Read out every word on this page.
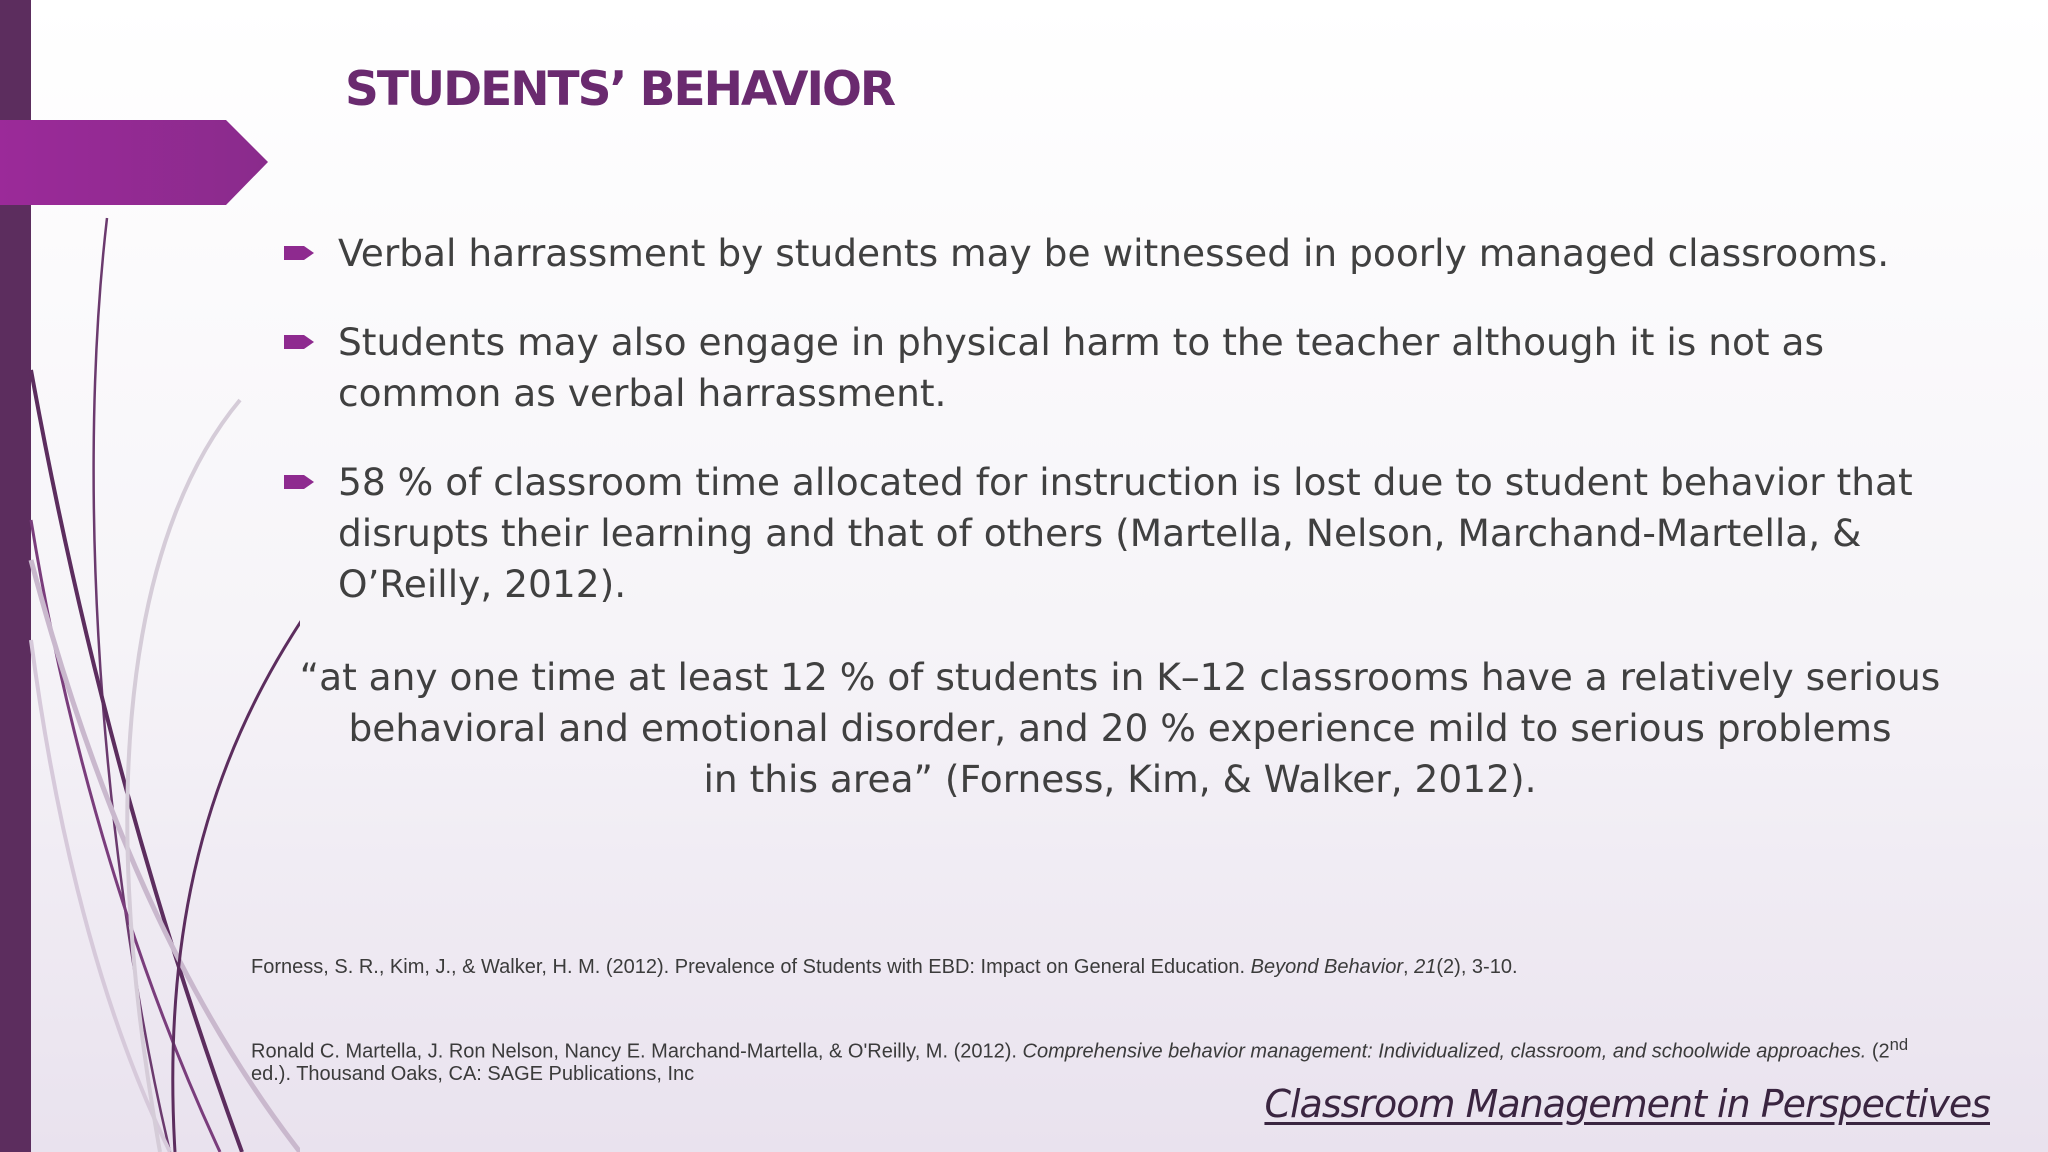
STUDENTS’ BEHAVIOR
Verbal harrassment by students may be witnessed in poorly managed classrooms.
Students may also engage in physical harm to the teacher although it is not as common as verbal harrassment.
58 % of classroom time allocated for instruction is lost due to student behavior that disrupts their learning and that of others (Martella, Nelson, Marchand-Martella, & O’Reilly, 2012).

“at any one time at least 12 % of students in K–12 classrooms have a relatively serious
behavioral and emotional disorder, and 20 % experience mild to serious problems
in this area” (Forness, Kim, & Walker, 2012).

Forness, S. R., Kim, J., & Walker, H. M. (2012). Prevalence of Students with EBD: Impact on General Education. Beyond Behavior, 21(2), 3-10.

Ronald C. Martella, J. Ron Nelson, Nancy E. Marchand-Martella, & O'Reilly, M. (2012). Comprehensive behavior management: Individualized, classroom, and schoolwide approaches. (2nd ed.). Thousand Oaks, CA: SAGE Publications, Inc

Classroom Management in Perspectives
